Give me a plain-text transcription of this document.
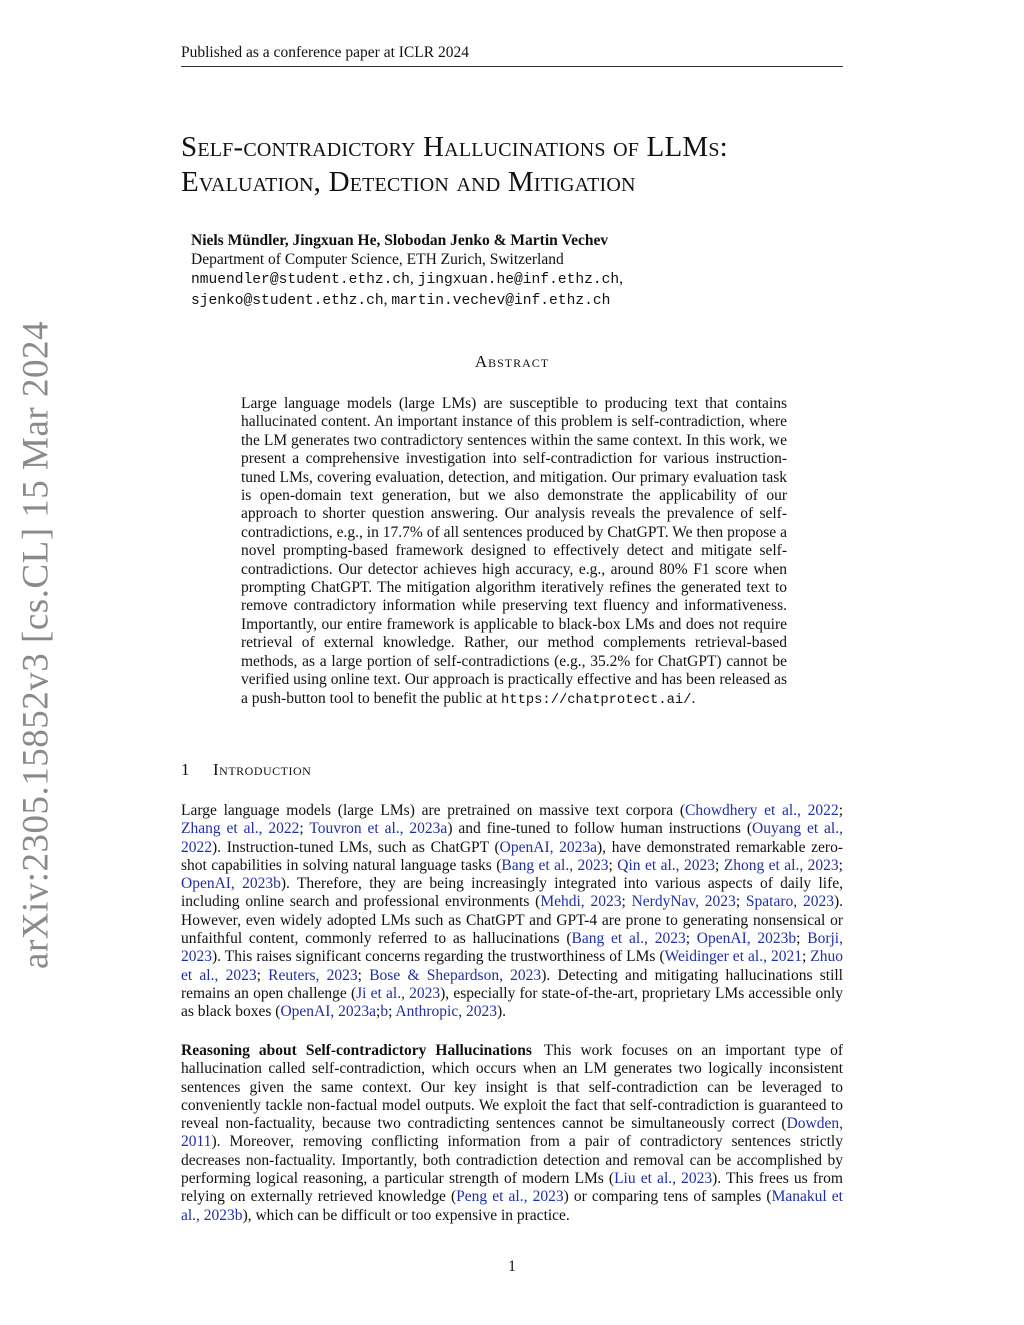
Published as a conference paper at ICLR 2024
arXiv:2305.15852v3 [cs.CL] 15 Mar 2024
Self-contradictory Hallucinations of LLMs:
Evaluation, Detection and Mitigation
Niels Mündler, Jingxuan He, Slobodan Jenko & Martin Vechev
Department of Computer Science, ETH Zurich, Switzerland
nmuendler@student.ethz.ch, jingxuan.he@inf.ethz.ch,
sjenko@student.ethz.ch, martin.vechev@inf.ethz.ch
Abstract
Large language models (large LMs) are susceptible to producing text that contains hallucinated content. An important instance of this problem is self-contradiction, where the LM generates two contradictory sentences within the same context. In this work, we present a comprehensive investigation into self-contradiction for various instruction-tuned LMs, covering evaluation, detection, and mitigation. Our primary evaluation task is open-domain text generation, but we also demonstrate the applicability of our approach to shorter question answering. Our analysis reveals the prevalence of self-contradictions, e.g., in 17.7% of all sentences produced by ChatGPT. We then propose a novel prompting-based framework designed to effectively detect and mitigate self-contradictions. Our detector achieves high accuracy, e.g., around 80% F1 score when prompting ChatGPT. The mitigation algorithm iteratively refines the generated text to remove contradictory information while preserving text fluency and informativeness. Importantly, our entire framework is applicable to black-box LMs and does not require retrieval of external knowledge. Rather, our method complements retrieval-based methods, as a large portion of self-contradictions (e.g., 35.2% for ChatGPT) cannot be verified using online text. Our approach is practically effective and has been released as a push-button tool to benefit the public at https://chatprotect.ai/.
1 Introduction
Large language models (large LMs) are pretrained on massive text corpora (Chowdhery et al., 2022; Zhang et al., 2022; Touvron et al., 2023a) and fine-tuned to follow human instructions (Ouyang et al., 2022). Instruction-tuned LMs, such as ChatGPT (OpenAI, 2023a), have demonstrated remarkable zero-shot capabilities in solving natural language tasks (Bang et al., 2023; Qin et al., 2023; Zhong et al., 2023; OpenAI, 2023b). Therefore, they are being increasingly integrated into various aspects of daily life, including online search and professional environments (Mehdi, 2023; NerdyNav, 2023; Spataro, 2023). However, even widely adopted LMs such as ChatGPT and GPT-4 are prone to generating nonsensical or unfaithful content, commonly referred to as hallucinations (Bang et al., 2023; OpenAI, 2023b; Borji, 2023). This raises significant concerns regarding the trustworthiness of LMs (Weidinger et al., 2021; Zhuo et al., 2023; Reuters, 2023; Bose & Shepardson, 2023). Detecting and mitigating hallucinations still remains an open challenge (Ji et al., 2023), especially for state-of-the-art, proprietary LMs accessible only as black boxes (OpenAI, 2023a;b; Anthropic, 2023).
Reasoning about Self-contradictory Hallucinations This work focuses on an important type of hallucination called self-contradiction, which occurs when an LM generates two logically inconsistent sentences given the same context. Our key insight is that self-contradiction can be leveraged to conveniently tackle non-factual model outputs. We exploit the fact that self-contradiction is guaranteed to reveal non-factuality, because two contradicting sentences cannot be simultaneously correct (Dowden, 2011). Moreover, removing conflicting information from a pair of contradictory sentences strictly decreases non-factuality. Importantly, both contradiction detection and removal can be accomplished by performing logical reasoning, a particular strength of modern LMs (Liu et al., 2023). This frees us from relying on externally retrieved knowledge (Peng et al., 2023) or comparing tens of samples (Manakul et al., 2023b), which can be difficult or too expensive in practice.
1
